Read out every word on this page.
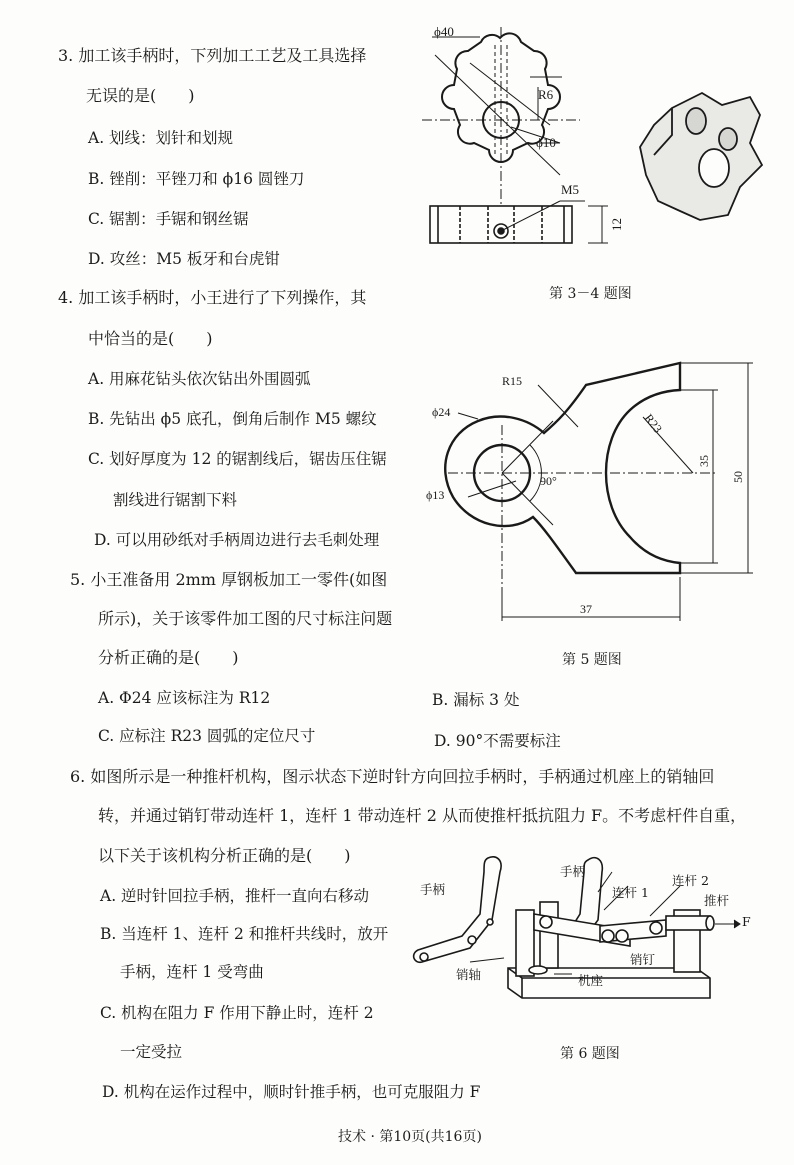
3. 加工该手柄时，下列加工工艺及工具选择
无误的是(　　)
A. 划线：划针和划规
B. 锉削：平锉刀和 ϕ16 圆锉刀
C. 锯割：手锯和钢丝锯
D. 攻丝：M5 板牙和台虎钳
4. 加工该手柄时，小王进行了下列操作，其
中恰当的是(　　)
A. 用麻花钻头依次钻出外围圆弧
B. 先钻出 ϕ5 底孔，倒角后制作 M5 螺纹
C. 划好厚度为 12 的锯割线后，锯齿压住锯
割线进行锯割下料
D. 可以用砂纸对手柄周边进行去毛刺处理
5. 小王准备用 2mm 厚钢板加工一零件(如图
所示)，关于该零件加工图的尺寸标注问题
分析正确的是(　　)
A. Φ24 应该标注为 R12	B. 漏标 3 处
C. 应标注 R23 圆弧的定位尺寸	D. 90°不需要标注
6. 如图所示是一种推杆机构，图示状态下逆时针方向回拉手柄时，手柄通过机座上的销轴回
转，并通过销钉带动连杆 1，连杆 1 带动连杆 2 从而使推杆抵抗阻力 F。不考虑杆件自重，
以下关于该机构分析正确的是(　　)
A. 逆时针回拉手柄，推杆一直向右移动
B. 当连杆 1、连杆 2 和推杆共线时，放开
手柄，连杆 1 受弯曲
C. 机构在阻力 F 作用下静止时，连杆 2
一定受拉
D. 机构在运作过程中，顺时针推手柄，也可克服阻力 F
ϕ40
R6
ϕ10
M5
12
第 3－4 题图
R15
ϕ24	R23
ϕ13
90°
35
50
37
第 5 题图
手柄
手柄
连杆 1
连杆 2
推杆
F
销轴
销钉
机座
第 6 题图
技术 · 第10页(共16页)
